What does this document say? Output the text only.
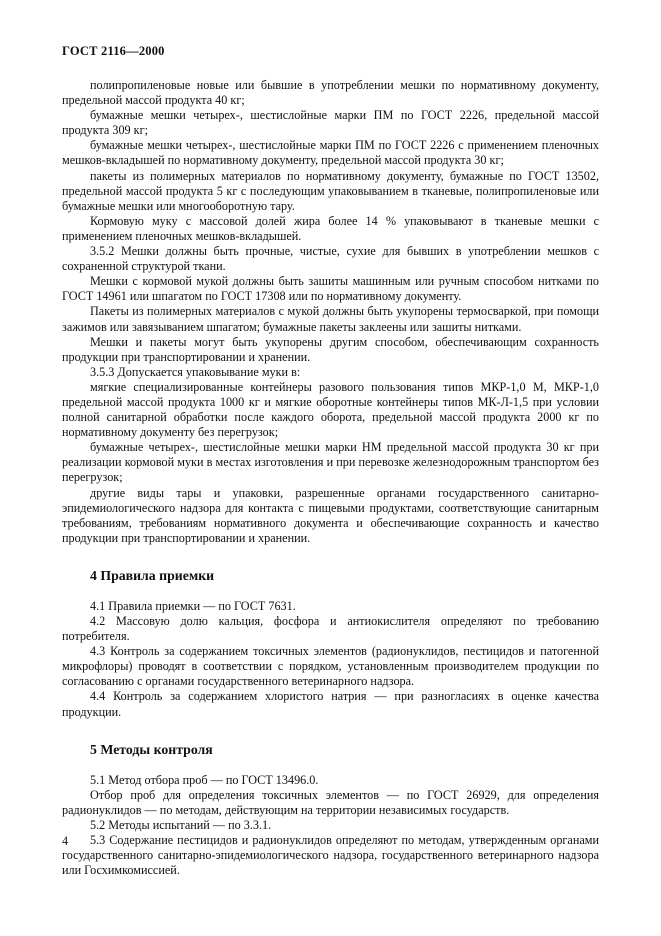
ГОСТ 2116—2000

полипропиленовые новые или бывшие в употреблении мешки по нормативному документу, предельной массой продукта 40 кг;

бумажные мешки четырех-, шестислойные марки ПМ по ГОСТ 2226, предельной массой продукта 309 кг;

бумажные мешки четырех-, шестислойные марки ПМ по ГОСТ 2226 с применением пленочных мешков-вкладышей по нормативному документу, предельной массой продукта 30 кг;

пакеты из полимерных материалов по нормативному документу, бумажные по ГОСТ 13502, предельной массой продукта 5 кг с последующим упаковыванием в тканевые, полипропиленовые или бумажные мешки или многооборотную тару.

Кормовую муку с массовой долей жира более 14 % упаковывают в тканевые мешки с применением пленочных мешков-вкладышей.

3.5.2 Мешки должны быть прочные, чистые, сухие для бывших в употреблении мешков с сохраненной структурой ткани.

Мешки с кормовой мукой должны быть зашиты машинным или ручным способом нитками по ГОСТ 14961 или шпагатом по ГОСТ 17308 или по нормативному документу.

Пакеты из полимерных материалов с мукой должны быть укупорены термосваркой, при помощи зажимов или завязыванием шпагатом; бумажные пакеты заклеены или зашиты нитками.

Мешки и пакеты могут быть укупорены другим способом, обеспечивающим сохранность продукции при транспортировании и хранении.

3.5.3 Допускается упаковывание муки в:

мягкие специализированные контейнеры разового пользования типов МКР-1,0 М, МКР-1,0 предельной массой продукта 1000 кг и мягкие оборотные контейнеры типов МК-Л-1,5 при условии полной санитарной обработки после каждого оборота, предельной массой продукта 2000 кг по нормативному документу без перегрузок;

бумажные четырех-, шестислойные мешки марки НМ предельной массой продукта 30 кг при реализации кормовой муки в местах изготовления и при перевозке железнодорожным транспортом без перегрузок;

другие виды тары и упаковки, разрешенные органами государственного санитарно-эпидемиологического надзора для контакта с пищевыми продуктами, соответствующие санитарным требованиям, требованиям нормативного документа и обеспечивающие сохранность и качество продукции при транспортировании и хранении.

4 Правила приемки

4.1 Правила приемки — по ГОСТ 7631.

4.2 Массовую долю кальция, фосфора и антиокислителя определяют по требованию потребителя.

4.3 Контроль за содержанием токсичных элементов (радионуклидов, пестицидов и патогенной микрофлоры) проводят в соответствии с порядком, установленным производителем продукции по согласованию с органами государственного ветеринарного надзора.

4.4 Контроль за содержанием хлористого натрия — при разногласиях в оценке качества продукции.

5 Методы контроля

5.1 Метод отбора проб — по ГОСТ 13496.0.

Отбор проб для определения токсичных элементов — по ГОСТ 26929, для определения радионуклидов — по методам, действующим на территории независимых государств.

5.2 Методы испытаний — по 3.3.1.

5.3 Содержание пестицидов и радионуклидов определяют по методам, утвержденным органами государственного санитарно-эпидемиологического надзора, государственного ветеринарного надзора или Госхимкомиссией.

4
